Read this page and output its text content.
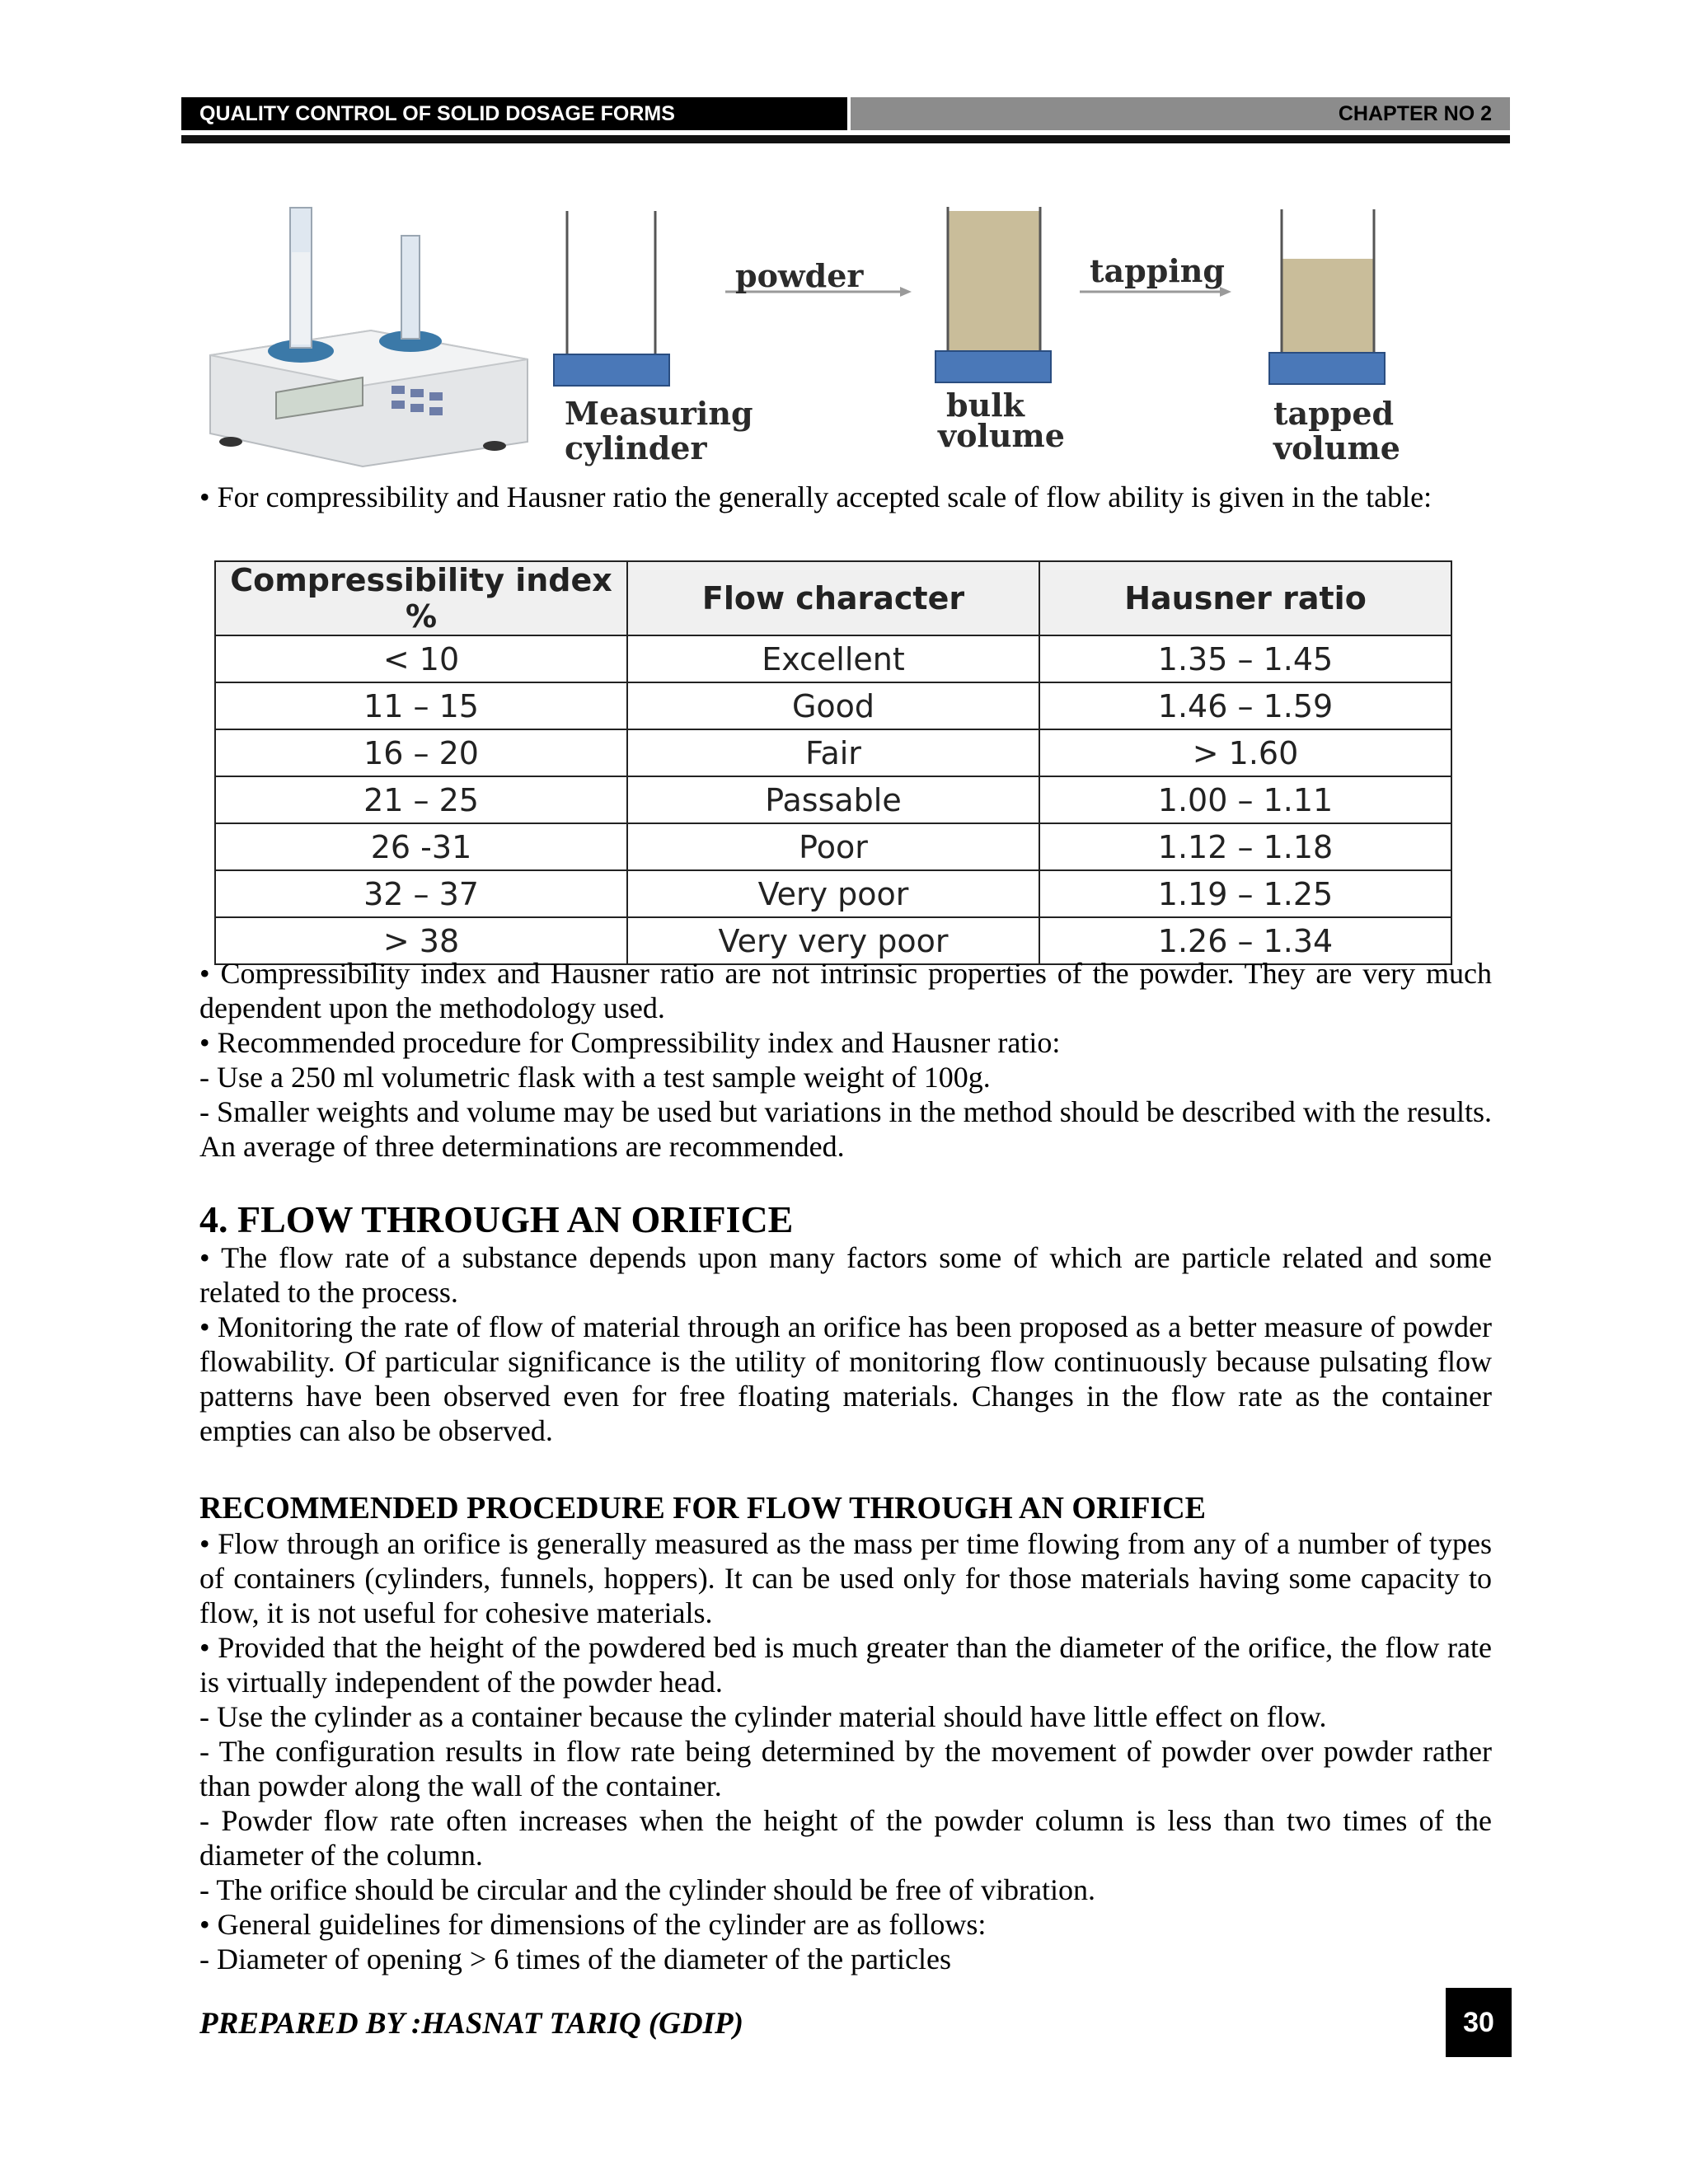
QUALITY CONTROL OF SOLID DOSAGE FORMS	CHAPTER NO 2
powder	tapping
Measuring
cylinder
bulk
volume
tapped
volume

• For compressibility and Hausner ratio the generally accepted scale of flow ability is given in the table:

Compressibility index %	Flow character	Hausner ratio
< 10	Excellent	1.35 – 1.45
11 – 15	Good	1.46 – 1.59
16 – 20	Fair	> 1.60
21 – 25	Passable	1.00 – 1.11
26 -31	Poor	1.12 – 1.18
32 – 37	Very poor	1.19 – 1.25
> 38	Very very poor	1.26 – 1.34

• Compressibility index and Hausner ratio are not intrinsic properties of the powder. They are very much dependent upon the methodology used.

• Recommended procedure for Compressibility index and Hausner ratio:

- Use a 250 ml volumetric flask with a test sample weight of 100g.

- Smaller weights and volume may be used but variations in the method should be described with the results. An average of three determinations are recommended.

4. FLOW THROUGH AN ORIFICE

• The flow rate of a substance depends upon many factors some of which are particle related and some related to the process.

• Monitoring the rate of flow of material through an orifice has been proposed as a better measure of powder flowability. Of particular significance is the utility of monitoring flow continuously because pulsating flow patterns have been observed even for free floating materials. Changes in the flow rate as the container empties can also be observed.

RECOMMENDED PROCEDURE FOR FLOW THROUGH AN ORIFICE

• Flow through an orifice is generally measured as the mass per time flowing from any of a number of types of containers (cylinders, funnels, hoppers). It can be used only for those materials having some capacity to flow, it is not useful for cohesive materials.

• Provided that the height of the powdered bed is much greater than the diameter of the orifice, the flow rate is virtually independent of the powder head.

- Use the cylinder as a container because the cylinder material should have little effect on flow.

- The configuration results in flow rate being determined by the movement of powder over powder rather than powder along the wall of the container.

- Powder flow rate often increases when the height of the powder column is less than two times of the diameter of the column.

- The orifice should be circular and the cylinder should be free of vibration.

• General guidelines for dimensions of the cylinder are as follows:

- Diameter of opening > 6 times of the diameter of the particles

PREPARED BY :HASNAT TARIQ (GDIP)	30
